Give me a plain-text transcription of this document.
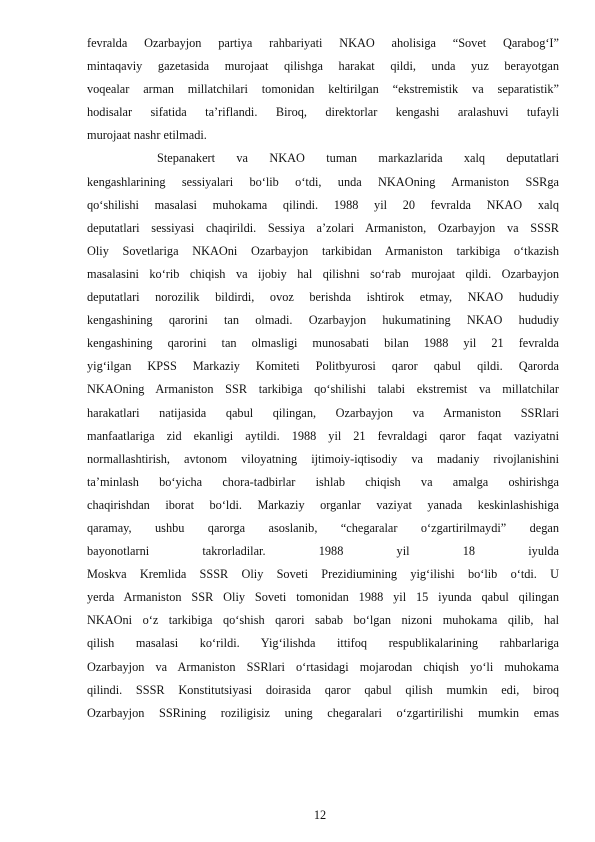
fevralda Ozarbayjon partiya rahbariyati NKAO aholisiga “Sovet Qarabog‘I”
mintaqaviy gazetasida murojaat qilishga harakat qildi, unda yuz berayotgan
voqealar arman millatchilari tomonidan keltirilgan “ekstremistik va separatistik”
hodisalar sifatida ta’riflandi. Biroq, direktorlar kengashi aralashuvi tufayli
murojaat nashr etilmadi.
Stepanakert va NKAO tuman markazlarida xalq deputatlari
kengashlarining sessiyalari bo‘lib o‘tdi, unda NKAOning Armaniston SSRga
qo‘shilishi masalasi muhokama qilindi. 1988 yil 20 fevralda NKAO xalq
deputatlari sessiyasi chaqirildi. Sessiya a’zolari Armaniston, Ozarbayjon va SSSR
Oliy Sovetlariga NKAOni Ozarbayjon tarkibidan Armaniston tarkibiga o‘tkazish
masalasini ko‘rib chiqish va ijobiy hal qilishni so‘rab murojaat qildi. Ozarbayjon
deputatlari norozilik bildirdi, ovoz berishda ishtirok etmay, NKAO hududiy
kengashining qarorini tan olmadi. Ozarbayjon hukumatining NKAO hududiy
kengashining qarorini tan olmasligi munosabati bilan 1988 yil 21 fevralda
yig‘ilgan KPSS Markaziy Komiteti Politbyurosi qaror qabul qildi. Qarorda
NKAOning Armaniston SSR tarkibiga qo‘shilishi talabi ekstremist va millatchilar
harakatlari natijasida qabul qilingan, Ozarbayjon va Armaniston SSRlari
manfaatlariga zid ekanligi aytildi. 1988 yil 21 fevraldagi qaror faqat vaziyatni
normallashtirish, avtonom viloyatning ijtimoiy-iqtisodiy va madaniy rivojlanishini
ta’minlash bo‘yicha chora-tadbirlar ishlab chiqish va amalga oshirishga
chaqirishdan iborat bo‘ldi. Markaziy organlar vaziyat yanada keskinlashishiga
qaramay, ushbu qarorga asoslanib, “chegaralar o‘zgartirilmaydi” degan
bayonotlarni takrorladilar. 1988 yil 18 iyulda
Moskva Kremlida SSSR Oliy Soveti Prezidiumining yig‘ilishi bo‘lib o‘tdi. U
yerda Armaniston SSR Oliy Soveti tomonidan 1988 yil 15 iyunda qabul qilingan
NKAOni o‘z tarkibiga qo‘shish qarori sabab bo‘lgan nizoni muhokama qilib, hal
qilish masalasi ko‘rildi. Yig‘ilishda ittifoq respublikalarining rahbarlariga
Ozarbayjon va Armaniston SSRlari o‘rtasidagi mojarodan chiqish yo‘li muhokama
qilindi. SSSR Konstitutsiyasi doirasida qaror qabul qilish mumkin edi, biroq
Ozarbayjon SSRining roziligisiz uning chegaralari o‘zgartirilishi mumkin emas
12
